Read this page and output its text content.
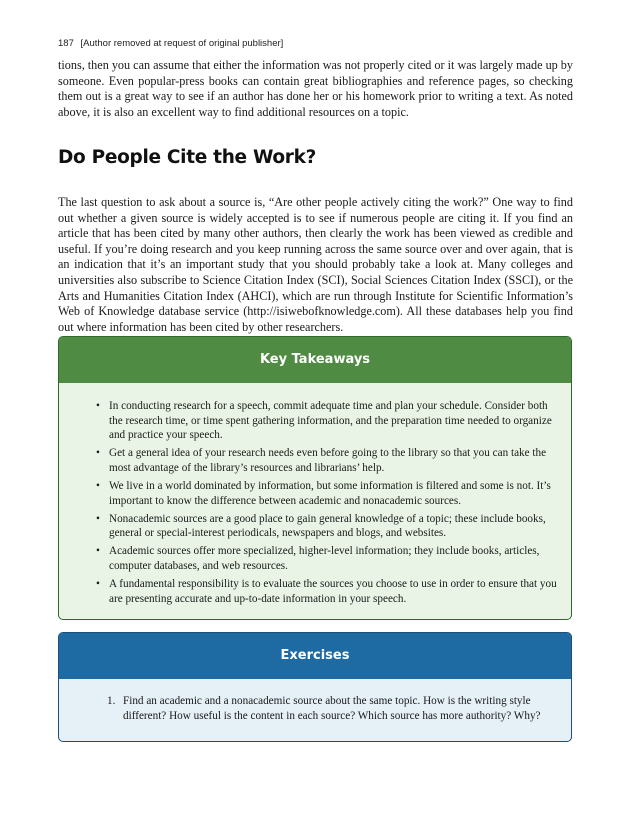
187 [Author removed at request of original publisher]

tions, then you can assume that either the information was not properly cited or it was largely made up by someone. Even popular-press books can contain great bibliographies and reference pages, so checking them out is a great way to see if an author has done her or his homework prior to writing a text. As noted above, it is also an excellent way to find additional resources on a topic.

Do People Cite the Work?

The last question to ask about a source is, “Are other people actively citing the work?” One way to find out whether a given source is widely accepted is to see if numerous people are citing it. If you find an article that has been cited by many other authors, then clearly the work has been viewed as credible and useful. If you’re doing research and you keep running across the same source over and over again, that is an indication that it’s an important study that you should probably take a look at. Many colleges and universities also subscribe to Science Citation Index (SCI), Social Sciences Citation Index (SSCI), or the Arts and Humanities Citation Index (AHCI), which are run through Institute for Scientific Information’s Web of Knowledge database service (http://isiwebofknowledge.com). All these databases help you find out where information has been cited by other researchers.

Key Takeaways
• In conducting research for a speech, commit adequate time and plan your schedule. Consider both the research time, or time spent gathering information, and the preparation time needed to organize and practice your speech.
• Get a general idea of your research needs even before going to the library so that you can take the most advantage of the library’s resources and librarians’ help.
• We live in a world dominated by information, but some information is filtered and some is not. It’s important to know the difference between academic and nonacademic sources.
• Nonacademic sources are a good place to gain general knowledge of a topic; these include books, general or special-interest periodicals, newspapers and blogs, and websites.
• Academic sources offer more specialized, higher-level information; they include books, articles, computer databases, and web resources.
• A fundamental responsibility is to evaluate the sources you choose to use in order to ensure that you are presenting accurate and up-to-date information in your speech.
Exercises
1. Find an academic and a nonacademic source about the same topic. How is the writing style different? How useful is the content in each source? Which source has more authority? Why?
